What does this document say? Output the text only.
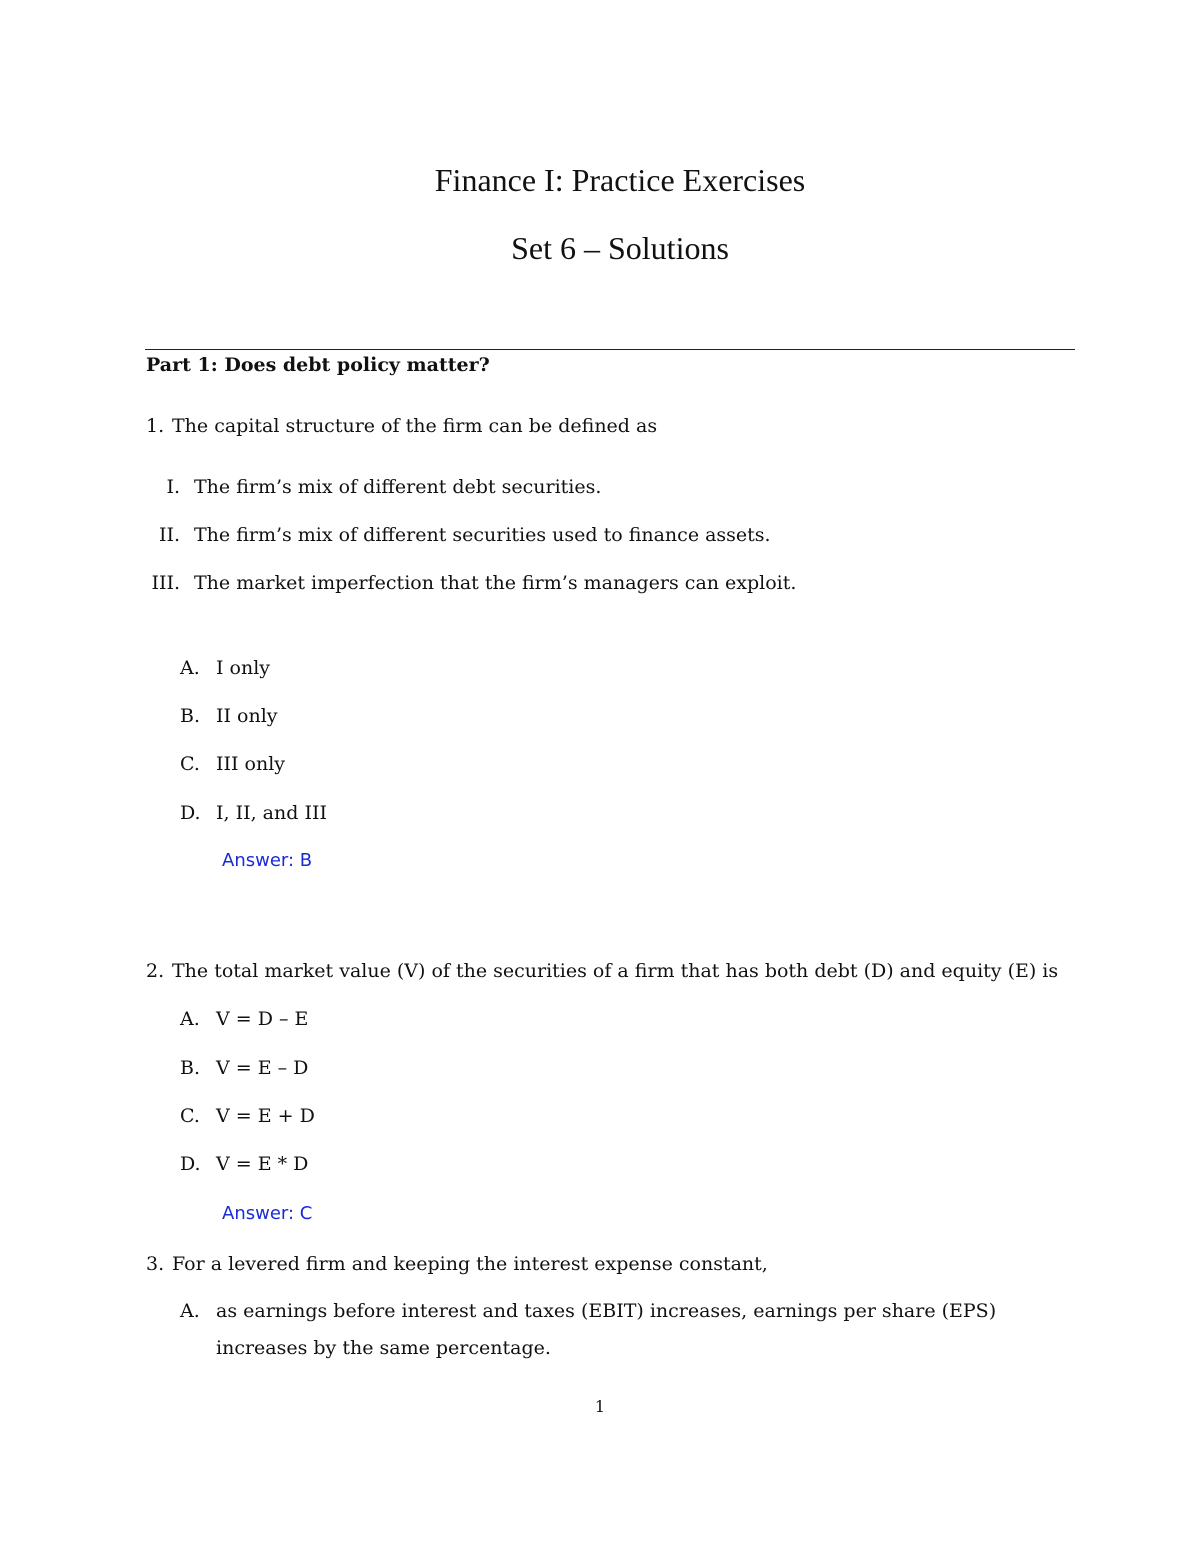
Finance I: Practice Exercises
Set 6 – Solutions
Part 1: Does debt policy matter?
1. The capital structure of the firm can be defined as
I. The firm’s mix of different debt securities.
II. The firm’s mix of different securities used to finance assets.
III. The market imperfection that the firm’s managers can exploit.
A. I only
B. II only
C. III only
D. I, II, and III
Answer: B
2. The total market value (V) of the securities of a firm that has both debt (D) and equity (E) is
A. V = D – E
B. V = E – D
C. V = E + D
D. V = E * D
Answer: C
3. For a levered firm and keeping the interest expense constant,
A. as earnings before interest and taxes (EBIT) increases, earnings per share (EPS) increases by the same percentage.
1
